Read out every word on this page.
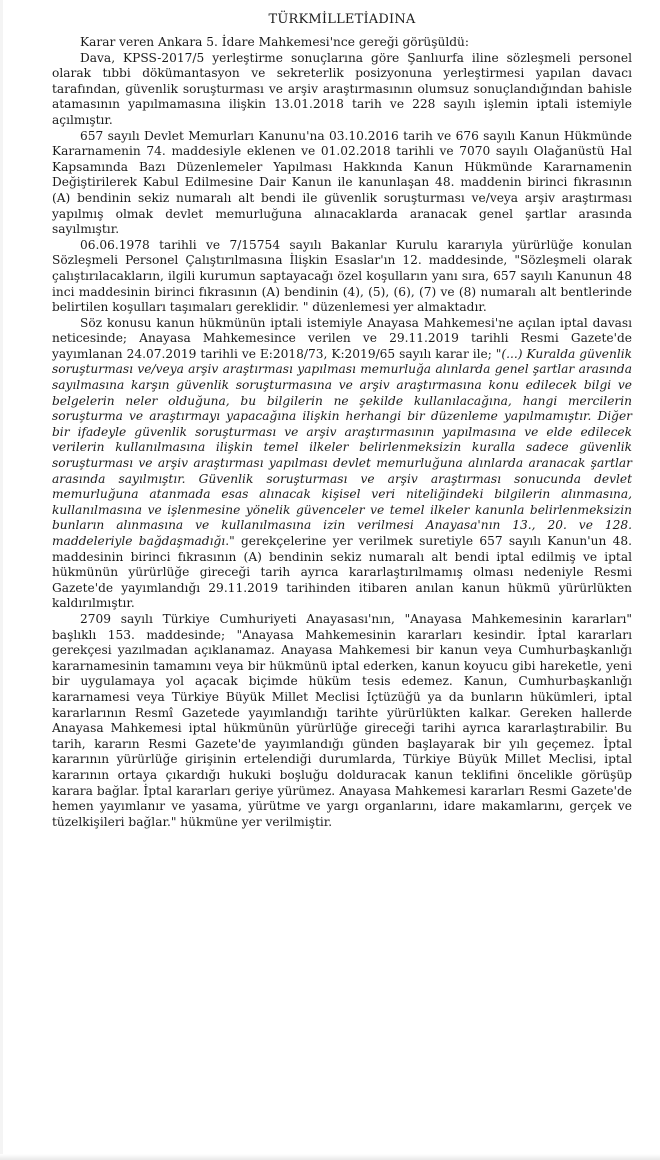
TÜRKMİLLETİADINA

Karar veren Ankara 5. İdare Mahkemesi'nce gereği görüşüldü:

Dava, KPSS-2017/5 yerleştirme sonuçlarına göre Şanlıurfa iline sözleşmeli personel olarak tıbbi dökümantasyon ve sekreterlik posizyonuna yerleştirmesi yapılan davacı tarafından, güvenlik soruşturması ve arşiv araştırmasının olumsuz sonuçlandığından bahisle atamasının yapılmamasına ilişkin 13.01.2018 tarih ve 228 sayılı işlemin iptali istemiyle açılmıştır.

657 sayılı Devlet Memurları Kanunu'na 03.10.2016 tarih ve 676 sayılı Kanun Hükmünde Kararnamenin 74. maddesiyle eklenen ve 01.02.2018 tarihli ve 7070 sayılı Olağanüstü Hal Kapsamında Bazı Düzenlemeler Yapılması Hakkında Kanun Hükmünde Kararnamenin Değiştirilerek Kabul Edilmesine Dair Kanun ile kanunlaşan 48. maddenin birinci fıkrasının (A) bendinin sekiz numaralı alt bendi ile güvenlik soruşturması ve/veya arşiv araştırması yapılmış olmak devlet memurluğuna alınacaklarda aranacak genel şartlar arasında sayılmıştır.

06.06.1978 tarihli ve 7/15754 sayılı Bakanlar Kurulu kararıyla yürürlüğe konulan Sözleşmeli Personel Çalıştırılmasına İlişkin Esaslar'ın 12. maddesinde, "Sözleşmeli olarak çalıştırılacakların, ilgili kurumun saptayacağı özel koşulların yanı sıra, 657 sayılı Kanunun 48 inci maddesinin birinci fıkrasının (A) bendinin (4), (5), (6), (7) ve (8) numaralı alt bentlerinde belirtilen koşulları taşımaları gereklidir. " düzenlemesi yer almaktadır.

Söz konusu kanun hükmünün iptali istemiyle Anayasa Mahkemesi'ne açılan iptal davası neticesinde; Anayasa Mahkemesince verilen ve 29.11.2019 tarihli Resmi Gazete'de yayımlanan 24.07.2019 tarihli ve E:2018/73, K:2019/65 sayılı karar ile; "(...) Kuralda güvenlik soruşturması ve/veya arşiv araştırması yapılması memurluğa alınlarda genel şartlar arasında sayılmasına karşın güvenlik soruşturmasına ve arşiv araştırmasına konu edilecek bilgi ve belgelerin neler olduğuna, bu bilgilerin ne şekilde kullanılacağına, hangi mercilerin soruşturma ve araştırmayı yapacağına ilişkin herhangi bir düzenleme yapılmamıştır. Diğer bir ifadeyle güvenlik soruşturması ve arşiv araştırmasının yapılmasına ve elde edilecek verilerin kullanılmasına ilişkin temel ilkeler belirlenmeksizin kuralla sadece güvenlik soruşturması ve arşiv araştırması yapılması devlet memurluğuna alınlarda aranacak şartlar arasında sayılmıştır. Güvenlik soruşturması ve arşiv araştırması sonucunda devlet memurluğuna atanmada esas alınacak kişisel veri niteliğindeki bilgilerin alınmasına, kullanılmasına ve işlenmesine yönelik güvenceler ve temel ilkeler kanunla belirlenmeksizin bunların alınmasına ve kullanılmasına izin verilmesi Anayasa'nın 13., 20. ve 128. maddeleriyle bağdaşmadığı." gerekçelerine yer verilmek suretiyle 657 sayılı Kanun'un 48. maddesinin birinci fıkrasının (A) bendinin sekiz numaralı alt bendi iptal edilmiş ve iptal hükmünün yürürlüğe gireceği tarih ayrıca kararlaştırılmamış olması nedeniyle Resmi Gazete'de yayımlandığı 29.11.2019 tarihinden itibaren anılan kanun hükmü yürürlükten kaldırılmıştır.

2709 sayılı Türkiye Cumhuriyeti Anayasası'nın, "Anayasa Mahkemesinin kararları" başlıklı 153. maddesinde; "Anayasa Mahkemesinin kararları kesindir. İptal kararları gerekçesi yazılmadan açıklanamaz. Anayasa Mahkemesi bir kanun veya Cumhurbaşkanlığı kararnamesinin tamamını veya bir hükmünü iptal ederken, kanun koyucu gibi hareketle, yeni bir uygulamaya yol açacak biçimde hüküm tesis edemez. Kanun, Cumhurbaşkanlığı kararnamesi veya Türkiye Büyük Millet Meclisi İçtüzüğü ya da bunların hükümleri, iptal kararlarının Resmî Gazetede yayımlandığı tarihte yürürlükten kalkar. Gereken hallerde Anayasa Mahkemesi iptal hükmünün yürürlüğe gireceği tarihi ayrıca kararlaştırabilir. Bu tarih, kararın Resmi Gazete'de yayımlandığı günden başlayarak bir yılı geçemez. İptal kararının yürürlüğe girişinin ertelendiği durumlarda, Türkiye Büyük Millet Meclisi, iptal kararının ortaya çıkardığı hukuki boşluğu dolduracak kanun teklifini öncelikle görüşüp karara bağlar. İptal kararları geriye yürümez. Anayasa Mahkemesi kararları Resmi Gazete'de hemen yayımlanır ve yasama, yürütme ve yargı organlarını, idare makamlarını, gerçek ve tüzelkişileri bağlar." hükmüne yer verilmiştir.
